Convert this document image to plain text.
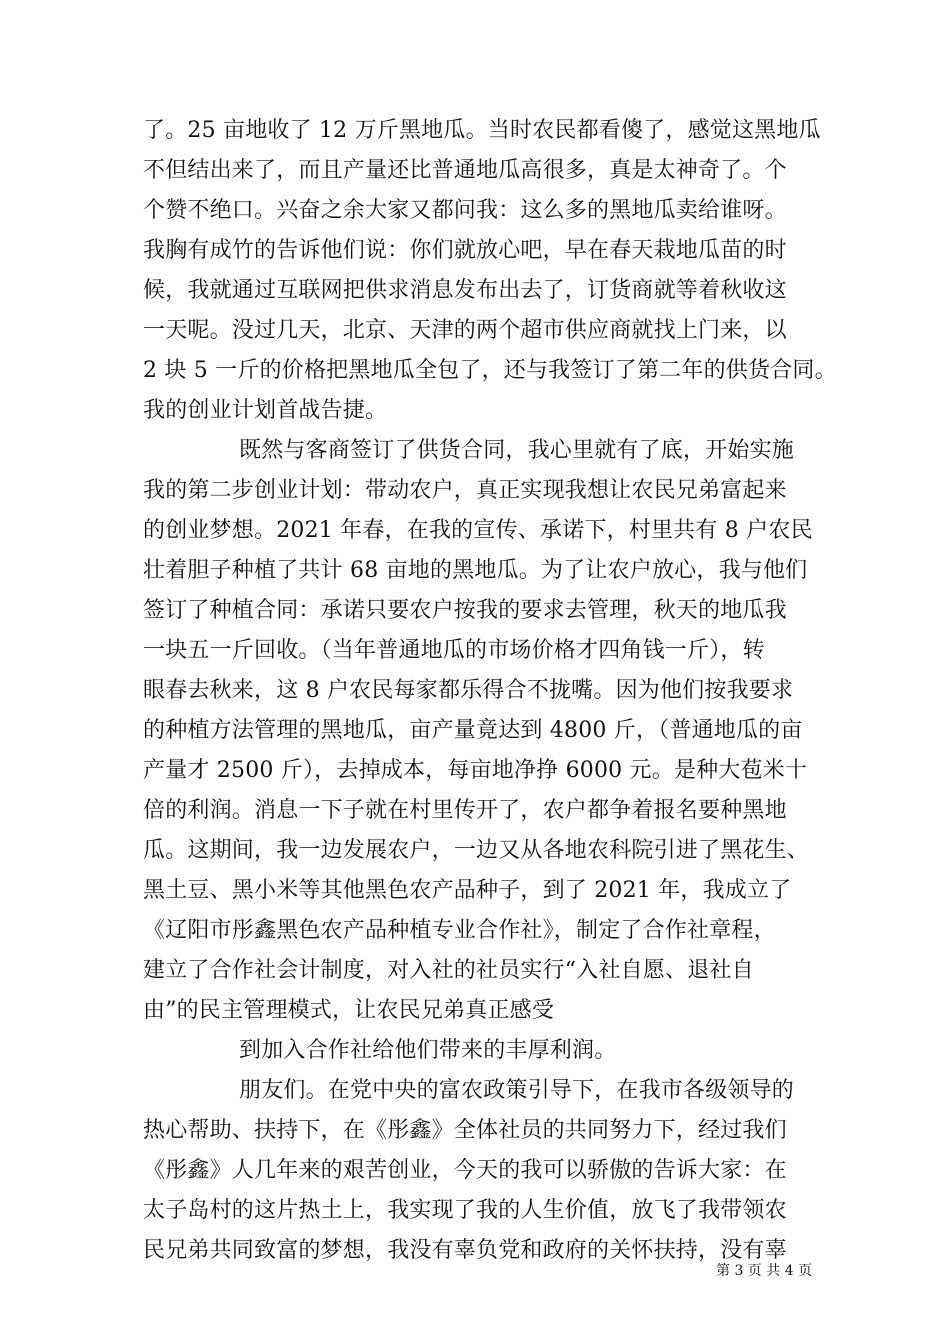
了。25 亩地收了 12 万斤黑地瓜。当时农民都看傻了，感觉这黑地瓜
不但结出来了，而且产量还比普通地瓜高很多，真是太神奇了。个
个赞不绝口。兴奋之余大家又都问我：这么多的黑地瓜卖给谁呀。
我胸有成竹的告诉他们说：你们就放心吧，早在春天栽地瓜苗的时
候，我就通过互联网把供求消息发布出去了，订货商就等着秋收这
一天呢。没过几天，北京、天津的两个超市供应商就找上门来，以
2 块 5 一斤的价格把黑地瓜全包了，还与我签订了第二年的供货合同。
我的创业计划首战告捷。
既然与客商签订了供货合同，我心里就有了底，开始实施
我的第二步创业计划：带动农户，真正实现我想让农民兄弟富起来
的创业梦想。2021 年春，在我的宣传、承诺下，村里共有 8 户农民
壮着胆子种植了共计 68 亩地的黑地瓜。为了让农户放心，我与他们
签订了种植合同：承诺只要农户按我的要求去管理，秋天的地瓜我
一块五一斤回收。（当年普通地瓜的市场价格才四角钱一斤），转
眼春去秋来，这 8 户农民每家都乐得合不拢嘴。因为他们按我要求
的种植方法管理的黑地瓜，亩产量竟达到 4800 斤，（普通地瓜的亩
产量才 2500 斤），去掉成本，每亩地净挣 6000 元。是种大苞米十
倍的利润。消息一下子就在村里传开了，农户都争着报名要种黑地
瓜。这期间，我一边发展农户，一边又从各地农科院引进了黑花生、
黑土豆、黑小米等其他黑色农产品种子，到了 2021 年，我成立了
《辽阳市彤鑫黑色农产品种植专业合作社》，制定了合作社章程，
建立了合作社会计制度，对入社的社员实行“入社自愿、退社自
由”的民主管理模式，让农民兄弟真正感受
到加入合作社给他们带来的丰厚利润。
朋友们。在党中央的富农政策引导下，在我市各级领导的
热心帮助、扶持下，在《彤鑫》全体社员的共同努力下，经过我们
《彤鑫》人几年来的艰苦创业，今天的我可以骄傲的告诉大家：在
太子岛村的这片热土上，我实现了我的人生价值，放飞了我带领农
民兄弟共同致富的梦想，我没有辜负党和政府的关怀扶持，没有辜
第 3 页 共 4 页
